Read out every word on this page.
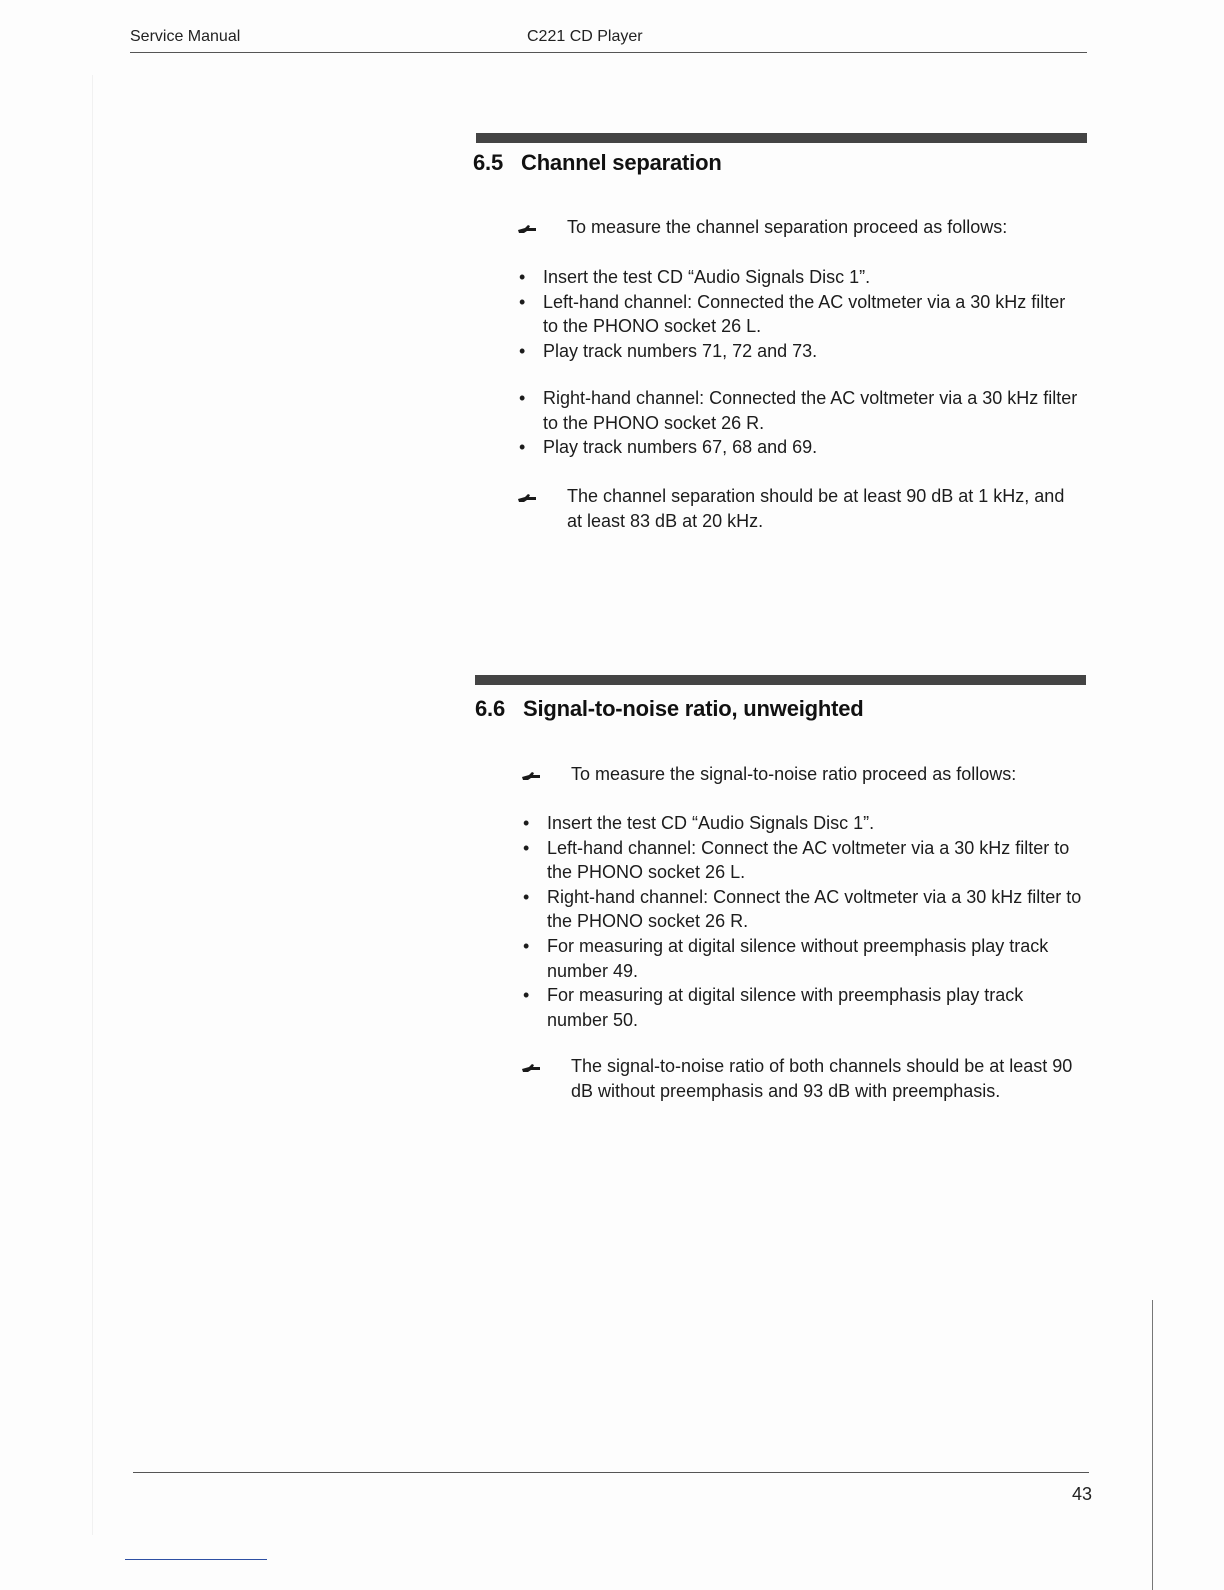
Service Manual	C221 CD Player
6.5 Channel separation

To measure the channel separation proceed as follows:

• Insert the test CD “Audio Signals Disc 1”.
• Left-hand channel: Connected the AC voltmeter via a 30 kHz filter to the PHONO socket 26 L.
• Play track numbers 71, 72 and 73.
• Right-hand channel: Connected the AC voltmeter via a 30 kHz filter to the PHONO socket 26 R.
• Play track numbers 67, 68 and 69.

The channel separation should be at least 90 dB at 1 kHz, and at least 83 dB at 20 kHz.

6.6 Signal-to-noise ratio, unweighted

To measure the signal-to-noise ratio proceed as follows:

• Insert the test CD “Audio Signals Disc 1”.
• Left-hand channel: Connect the AC voltmeter via a 30 kHz filter to the PHONO socket 26 L.
• Right-hand channel: Connect the AC voltmeter via a 30 kHz filter to the PHONO socket 26 R.
• For measuring at digital silence without preemphasis play track number 49.
• For measuring at digital silence with preemphasis play track number 50.

The signal-to-noise ratio of both channels should be at least 90 dB without preemphasis and 93 dB with preemphasis.

43
